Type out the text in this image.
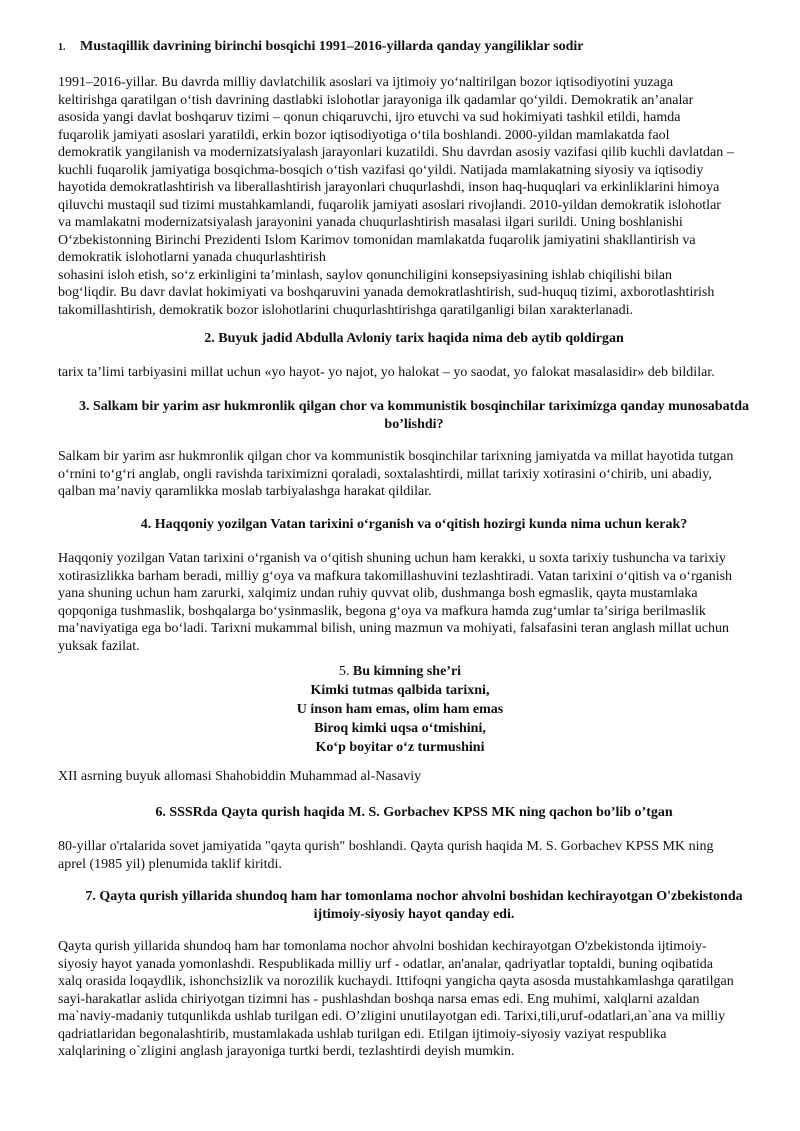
1. Mustaqillik davrining birinchi bosqichi 1991–2016-yillarda qanday yangiliklar sodir
1991–2016-yillar. Bu davrda milliy davlatchilik asoslari va ijtimoiy yoʻnaltirilgan bozor iqtisodiyotini yuzaga
keltirishga qaratilgan oʻtish davrining dastlabki islohotlar jarayoniga ilk qadamlar qoʻyildi. Demokratik anʼanalar
asosida yangi davlat boshqaruv tizimi – qonun chiqaruvchi, ijro etuvchi va sud hokimiyati tashkil etildi, hamda
fuqarolik jamiyati asoslari yaratildi, erkin bozor iqtisodiyotiga oʻtila boshlandi. 2000-yildan mamlakatda faol
demokratik yangilanish va modernizatsiyalash jarayonlari kuzatildi. Shu davrdan asosiy vazifasi qilib kuchli davlatdan –
kuchli fuqarolik jamiyatiga bosqichma-bosqich oʻtish vazifasi qoʻyildi. Natijada mamlakatning siyosiy va iqtisodiy
hayotida demokratlashtirish va liberallashtirish jarayonlari chuqurlashdi, inson haq-huquqlari va erkinliklarini himoya
qiluvchi mustaqil sud tizimi mustahkamlandi, fuqarolik jamiyati asoslari rivojlandi. 2010-yildan demokratik islohotlar
va mamlakatni modernizatsiyalash jarayonini yanada chuqurlashtirish masalasi ilgari surildi. Uning boshlanishi
Oʻzbekistonning Birinchi Prezidenti Islom Karimov tomonidan mamlakatda fuqarolik jamiyatini shakllantirish va
demokratik islohotlarni yanada chuqurlashtirish
sohasini isloh etish, soʻz erkinligini taʼminlash, saylov qonunchiligini konsepsiyasining ishlab chiqilishi bilan
bogʻliqdir. Bu davr davlat hokimiyati va boshqaruvini yanada demokratlashtirish, sud-huquq tizimi, axborotlashtirish
takomillashtirish, demokratik bozor islohotlarini chuqurlashtirishga qaratilganligi bilan xarakterlanadi.
2. Buyuk jadid Abdulla Avloniy tarix haqida nima deb aytib qoldirgan
tarix ta’limi tarbiyasini millat uchun «yo hayot- yo najot, yo halokat – yo saodat, yo falokat masalasidir» deb bildilar.
3. Salkam bir yarim asr hukmronlik qilgan chor va kommunistik bosqinchilar tariximizga qanday munosabatda
bo’lishdi?
Salkam bir yarim asr hukmronlik qilgan chor va kommunistik bosqinchilar tarixning jamiyatda va millat hayotida tutgan
oʻrnini toʻgʻri anglab, ongli ravishda tariximizni qoraladi, soxtalashtirdi, millat tarixiy xotirasini oʻchirib, uni abadiy,
qalban maʼnaviy qaramlikka moslab tarbiyalashga harakat qildilar.
4. Haqqoniy yozilgan Vatan tarixini oʻrganish va oʻqitish hozirgi kunda nima uchun kerak?
Haqqoniy yozilgan Vatan tarixini oʻrganish va oʻqitish shuning uchun ham kerakki, u soxta tarixiy tushuncha va tarixiy
xotirasizlikka barham beradi, milliy gʻoya va mafkura takomillashuvini tezlashtiradi. Vatan tarixini oʻqitish va oʻrganish
yana shuning uchun ham zarurki, xalqimiz undan ruhiy quvvat olib, dushmanga bosh egmaslik, qayta mustamlaka
qopqoniga tushmaslik, boshqalarga boʻysinmaslik, begona gʻoya va mafkura hamda zugʻumlar taʼsiriga berilmaslik
maʼnaviyatiga ega boʻladi. Tarixni mukammal bilish, uning mazmun va mohiyati, falsafasini teran anglash millat uchun
yuksak fazilat.
5. Bu kimning she’ri
Kimki tutmas qalbida tarixni,
U inson ham emas, olim ham emas
Biroq kimki uqsa oʻtmishini,
Koʻp boyitar oʻz turmushini
XII asrning buyuk allomasi Shahobiddin Muhammad al-Nasaviy
6. SSSRda Qayta qurish haqida M. S. Gorbachev KPSS MK ning qachon bo’lib o’tgan
80-yillar o'rtalarida sovet jamiyatida "qayta qurish" boshlandi. Qayta qurish haqida M. S. Gorbachev KPSS MK ning
aprel (1985 yil) plenumida taklif kiritdi.
7. Qayta qurish yillarida shundoq ham har tomonlama nochor ahvolni boshidan kechirayotgan O'zbekistonda
ijtimoiy-siyosiy hayot qanday edi.
Qayta qurish yillarida shundoq ham har tomonlama nochor ahvolni boshidan kechirayotgan O'zbekistonda ijtimoiy-
siyosiy hayot yanada yomonlashdi. Respublikada milliy urf - odatlar, an'analar, qadriyatlar toptaldi, buning oqibatida
xalq orasida loqaydlik, ishonchsizlik va norozilik kuchaydi. Ittifoqni yangicha qayta asosda mustahkamlashga qaratilgan
sayi-harakatlar aslida chiriyotgan tizimni has - pushlashdan boshqa narsa emas edi. Eng muhimi, xalqlarni azaldan
ma`naviy-madaniy tutqunlikda ushlab turilgan edi. O’zligini unutilayotgan edi. Tarixi,tili,uruf-odatlari,an`ana va milliy
qadriatlaridan begonalashtirib, mustamlakada ushlab turilgan edi. Etilgan ijtimoiy-siyosiy vaziyat respublika
xalqlarining o`zligini anglash jarayoniga turtki berdi, tezlashtirdi deyish mumkin.
